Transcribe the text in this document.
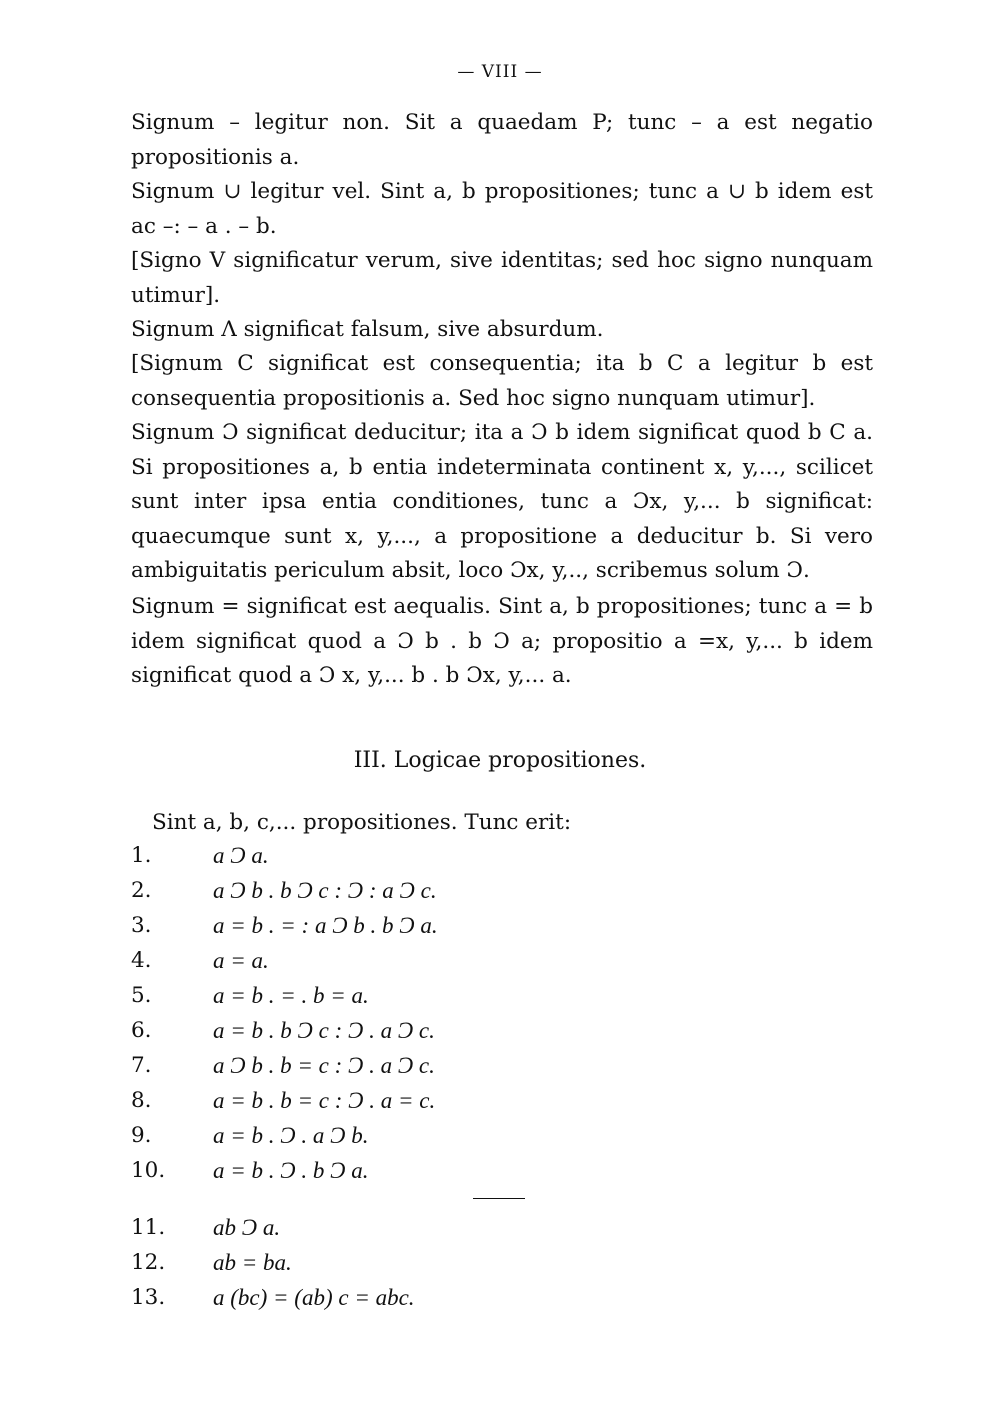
— VIII —

Signum – legitur non. Sit a quaedam P; tunc – a est negatio propositionis a.

Signum ∪ legitur vel. Sint a, b propositiones; tunc a ∪ b idem est ac –: – a . – b.

[Signo V significatur verum, sive identitas; sed hoc signo nunquam utimur].

Signum Λ significat falsum, sive absurdum.

[Signum C significat est consequentia; ita b C a legitur b est consequentia propositionis a. Sed hoc signo nunquam utimur].

Signum Ɔ significat deducitur; ita a Ɔ b idem significat quod b C a. Si propositiones a, b entia indeterminata continent x, y,..., scilicet sunt inter ipsa entia conditiones, tunc a Ɔx, y,... b significat: quaecumque sunt x, y,..., a propositione a deducitur b. Si vero ambiguitatis periculum absit, loco Ɔx, y,.., scribemus solum Ɔ.

Signum = significat est aequalis. Sint a, b propositiones; tunc a = b idem significat quod a Ɔ b . b Ɔ a; propositio a =x, y,... b idem significat quod a Ɔ x, y,... b . b Ɔx, y,... a.

III. Logicae propositiones.
Sint a, b, c,... propositiones. Tunc erit:
1.	a Ɔ a.
2.	a Ɔ b . b Ɔ c : Ɔ : a Ɔ c.
3.	a = b . = : a Ɔ b . b Ɔ a.
4.	a = a.
5.	a = b . = . b = a.
6.	a = b . b Ɔ c : Ɔ . a Ɔ c.
7.	a Ɔ b . b = c : Ɔ . a Ɔ c.
8.	a = b . b = c : Ɔ . a = c.
9.	a = b . Ɔ . a Ɔ b.
10. a = b . Ɔ . b Ɔ a.
11. ab Ɔ a.
12. ab = ba.
13. a (bc) = (ab) c = abc.
